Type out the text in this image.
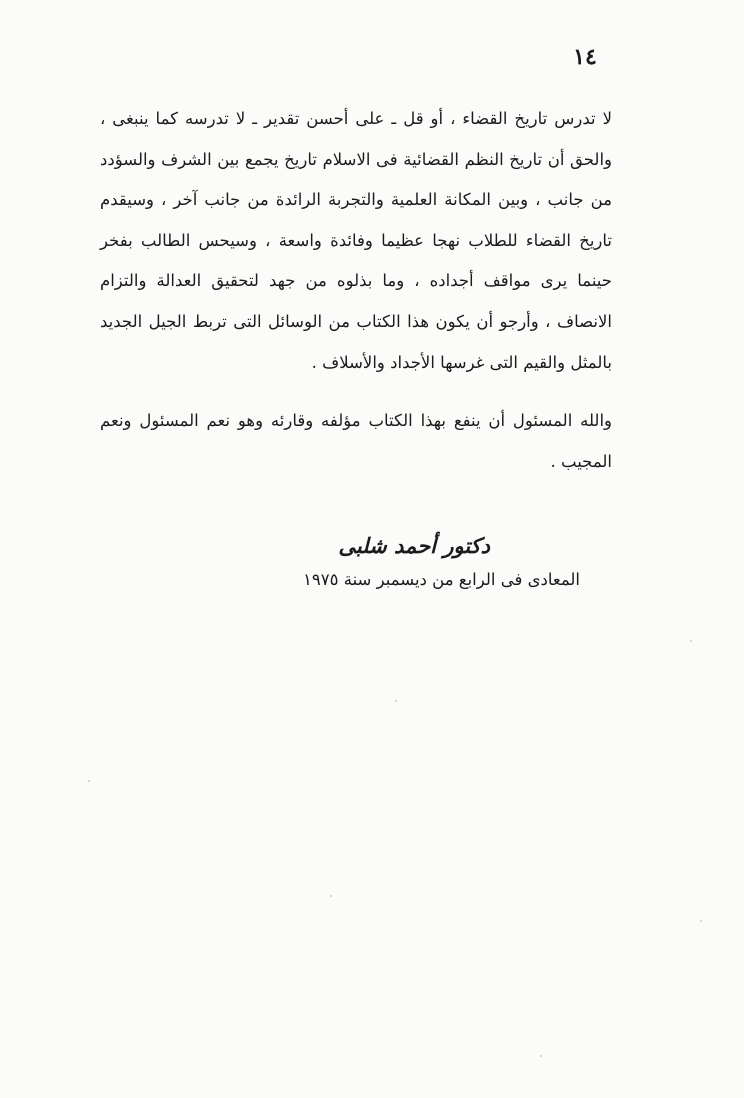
١٤

لا تدرس تاريخ القضاء ، أو قل ـ على أحسن تقدير ـ لا تدرسه كما ينبغى ، والحق أن تاريخ النظم القضائية فى الاسلام تاريخ يجمع بين الشرف والسؤدد من جانب ، وبين المكانة العلمية والتجربة الرائدة من جانب آخر ، وسيقدم تاريخ القضاء للطلاب نهجا عظيما وفائدة واسعة ، وسيحس الطالب بفخر حينما يرى مواقف أجداده ، وما بذلوه من جهد لتحقيق العدالة والتزام الانصاف ، وأرجو أن يكون هذا الكتاب من الوسائل التى تربط الجيل الجديد بالمثل والقيم التى غرسها الأجداد والأسلاف .

والله المسئول أن ينفع بهذا الكتاب مؤلفه وقارئه وهو نعم المسئول ونعم المجيب .

دكتور أحمد شلبى
المعادى فى الرابع من ديسمبر سنة ١٩٧٥
